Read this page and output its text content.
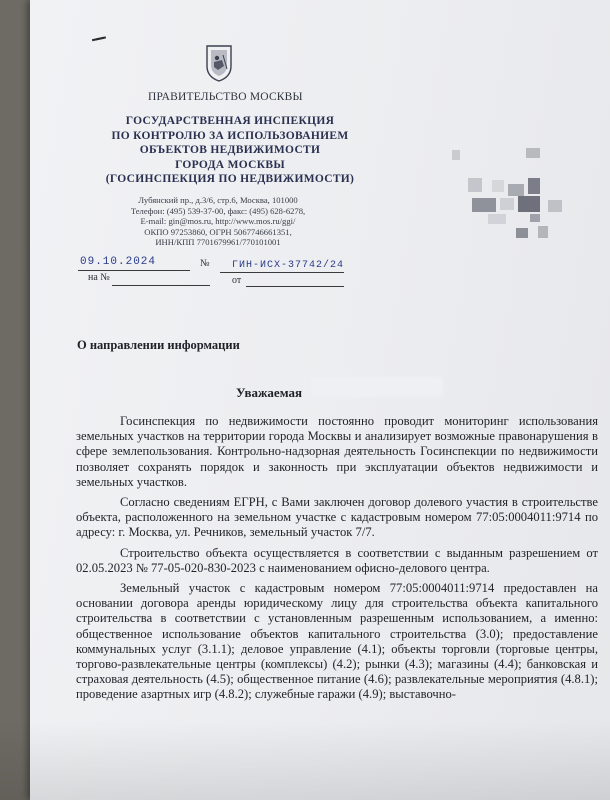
ПРАВИТЕЛЬСТВО МОСКВЫ
ГОСУДАРСТВЕННАЯ ИНСПЕКЦИЯ
ПО КОНТРОЛЮ ЗА ИСПОЛЬЗОВАНИЕМ
ОБЪЕКТОВ НЕДВИЖИМОСТИ
ГОРОДА МОСКВЫ
(ГОСИНСПЕКЦИЯ ПО НЕДВИЖИМОСТИ)
Лубянский пр., д.3/6, стр.6, Москва, 101000
Телефон: (495) 539-37-00, факс: (495) 628-6278,
E-mail: gin@mos.ru, http://www.mos.ru/ggi/
ОКПО 97253860, ОГРН 5067746661351,
ИНН/КПП 7701679961/770101001
09.10.2024	№ ГИН-ИСХ-37742/24
на №	от
О направлении информации
Уважаемая

Госинспекция по недвижимости постоянно проводит мониторинг использования земельных участков на территории города Москвы и анализирует возможные правонарушения в сфере землепользования. Контрольно-надзорная деятельность Госинспекции по недвижимости позволяет сохранять порядок и законность при эксплуатации объектов недвижимости и земельных участков.

Согласно сведениям ЕГРН, с Вами заключен договор долевого участия в строительстве объекта, расположенного на земельном участке с кадастровым номером 77:05:0004011:9714 по адресу: г. Москва, ул. Речников, земельный участок 7/7.

Строительство объекта осуществляется в соответствии с выданным разрешением от 02.05.2023 № 77-05-020-830-2023 с наименованием офисно-делового центра.

Земельный участок с кадастровым номером 77:05:0004011:9714 предоставлен на основании договора аренды юридическому лицу для строительства объекта капитального строительства в соответствии с установленным разрешенным использованием, а именно: общественное использование объектов капитального строительства (3.0); предоставление коммунальных услуг (3.1.1); деловое управление (4.1); объекты торговли (торговые центры, торгово-развлекательные центры (комплексы) (4.2); рынки (4.3); магазины (4.4); банковская и страховая деятельность (4.5); общественное питание (4.6); развлекательные мероприятия (4.8.1); проведение азартных игр (4.8.2); служебные гаражи (4.9); выставочно-
